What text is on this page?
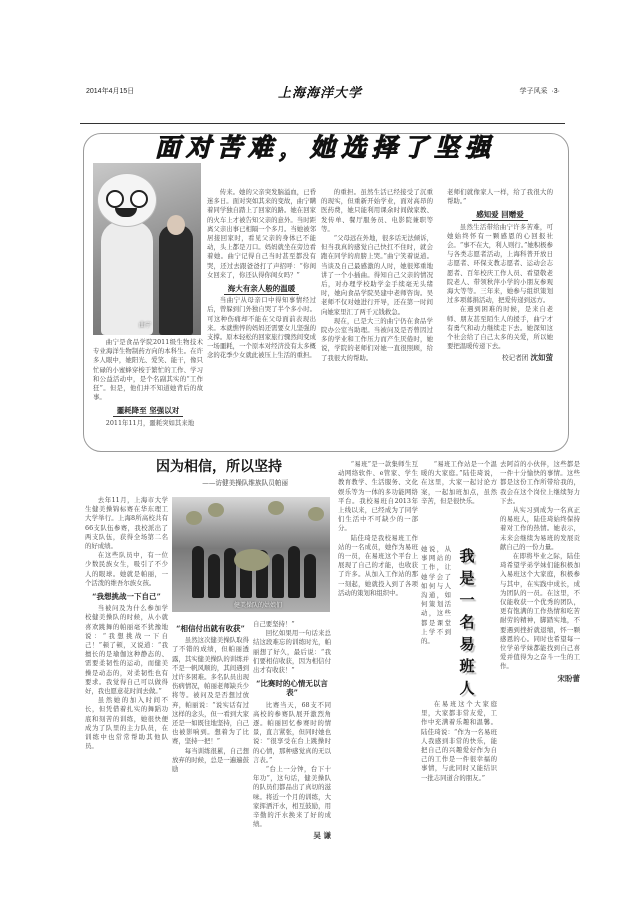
2014年4月15日	上海海洋大学	学子风采 ·3·
面对苦难，她选择了坚强
曲宁

曲宁是食品学院2011级生物技术专业海洋生物制药方向的本科生。在许多人眼中，她阳光、爱笑、能干，像只忙碌的小蜜蜂穿梭于繁忙的工作、学习和公益活动中，是个名副其实的“工作狂”。但是，他们并不知道她背后的故事。

噩耗降至 坚强以对

2011年11月，噩耗突如其来地

传来。她的父亲突发脑溢血，已昏迷多日。面对突如其来的变故，曲宁瞒着同学独自踏上了回家的路。她在回家的火车上才被告知父亲的意外。当时距离父亲出事已相隔一个多月。当她被邻居接回家时，看见父亲的身体已不能动，头上都是刀口。妈妈就坐在旁边看着她。曲宁记得自己当时甚至都没有哭，还过去跟爸爸打了声招呼：“你闺女回来了，你还认得你闺女吗？”

海大有亲人般的温暖

当曲宁从母亲口中得知事情经过后，曾躲到门外独自哭了半个多小时。可这种伤痛却不能在父母面前表现出来。本就憔悴的妈妈还需要女儿坚强的支撑。原本轻松的回家旅行骤然间变成一场噩耗，一个原本对经济没有太多概念的花季少女就此被压上生活的重担。

的重担。虽然生活已经接受了沉重的现实，但重新开始学业，面对高昂的医药费，她只能利用课余时间做家教、发传单、餐厅服务员、电影院兼职等等。

“父母远在外地，很多话无法倾诉，但当我真的感觉自己快扛不住时，就会跑在同学的肩膀上哭。”曲宁笑着说道。当谈及自己最感激的人时，她很郑重地讲了一个小插曲。得知自己父亲的情况后，对办理学校助学金手续毫无头绪时，她向食品学院吴建中老师咨询。吴老师不仅对她进行开导，还在第一时间向她家里汇了两千元钱救急。

现在，已是大三的曲宁仍在食品学院办公室当助理。当被问及是否曾因过多的学业和工作压力而产生厌倦时，她说，学院的老师们对她一直很照顾，给了我很大的帮助。

老师们就像家人一样，给了我很大的帮助。”

感知爱 回赠爱

虽然生活带给曲宁许多苦难，可她始终怀有一颗感恩的心回报社会。“事不在大，利人则行。”她积极参与各类志愿者活动，上海科普开放日志愿者、环保支教志愿者、运动会志愿者、百年校庆工作人员、看望敬老院老人、带领秋萍小学的小朋友参观海大等等。三年来，她参与组织策划过多项募捐活动，把爱传递到远方。

在遇到困难的时候，是来自老师、朋友甚至陌生人的援手，曲宁才有勇气和动力继续走下去。她深知这个社会给了自己太多的关爱，所以她要把温暖传递下去。

校记者团 沈如萤
因为相信，所以坚持
——访健美操队维族队员帕丽

去年11月，上海市大学生健美操锦标赛在华东理工大学举行。上海8所高校共有66支队伍参赛，我校派出了两支队伍，获得全场第二名的好成绩。

在这些队员中，有一位少数民族女生，吸引了不少人的眼球。她就是帕丽，一个活泼的维吾尔族女孩。

“我想挑战一下自己”

当被问及为什么参加学校健美操队的时候，从小就喜欢跳舞的帕丽毫不犹豫地说：“我想挑战一下自己！”顿了顿，又说道：“我擅长的是瑜伽这种静态的、需要柔韧性的运动，而健美操是动态的，对柔韧性也有要求。我觉得自己可以做得好，我也愿意花时间去做。”

虽然她的加入时间不长，但凭借着扎实的舞蹈功底和刻苦的训练，她很快便成为了队里的主力队员，在训练中也常常帮助其他队员。

健美操队的姑娘们
“相信付出就有收获”

虽然这次健美操队取得了不错的成绩，但帕丽透露，其实健美操队的训练并不是一帆风顺的，其间遇到过许多困难。多名队员出现伤病情况，帕丽老师缺兵少将等。被问及是否想过放弃，帕丽说：“说实话有过这样的念头，但一看到大家还是一如既往地坚持，自己也被影响到。想着为了比赛，坚持一把！”

每当训练很累，自己想放弃的时候，总是一遍遍鼓励

自己要坚持！”

回忆如果用一句话来总结这段难忘的训练时光，帕丽想了好久，最后说：“我们要相信收获，因为相信付出才有收获！”

“比赛时的心情无以言表”

比赛当天，68支不同高校的参赛队展开激烈角逐。帕丽回忆参赛时的情景，直言紧张，但同时她也说：“很享受在台上跳操时的心情，那种感觉真的无以言表。”

“台上一分钟，台下十年功”，这句话，健美操队的队员们都品出了真切的滋味。将近一个月的训练，大家挥洒汗水，相互鼓励，用辛勤的汗水换来了好的成绩。

吴 谦

“易班”是一款集师生互动网络软件、e管家、学生教育教学、生活服务、文化娱乐等为一体的多功能网络平台。我校易班自2013年上线以来，已经成为了同学们生活中不可缺少的一部分。

陆佳琦是我校易班工作站的一名成员，她作为易班的一员，在易班这个平台上展现了自己的才能，也收获了许多。从加入工作站的那一刻起，她就投入到了各项活动的策划和组织中。

“易班工作站是一个温暖的大家庭。”陆佳琦说，在这里，大家一起讨论方案，一起加班加点，虽然辛苦，但是很快乐。

她说，从事网站的工作，让她学会了如何与人沟通，如何策划活动，这些都是课堂上学不到的。

我
是
一
名
易
班
人

在易班这个大家庭里，大家都非常友爱，工作中充满着乐趣和温馨。陆佳琦说：“作为一名易班人我感到非常的快乐，能把自己的兴趣爱好作为自己的工作是一件很幸福的事情，与此同时又能结识一批志同道合的朋友。”

去阿首的小伙伴，这些都是一件十分愉快的事情。这些都是这份工作所带给我的，我会在这个岗位上继续努力下去。

从实习到成为一名真正的易班人，陆佳琦始终保持着对工作的热情。她表示，未来会继续为易班的发展贡献自己的一份力量。

在即将毕业之际，陆佳琦希望学弟学妹们能积极加入易班这个大家庭，积极参与其中，在实践中成长，成为团队的一员。在这里，不仅能收获一个优秀的团队，更有饱满的工作热情和吃苦耐劳的精神，脚踏实地，不要遇到挫折就退缩，怀一颗感恩的心。同时也希望每一位学弟学妹都能找到自己喜爱并值得为之奋斗一生的工作。

宋盼蕾
